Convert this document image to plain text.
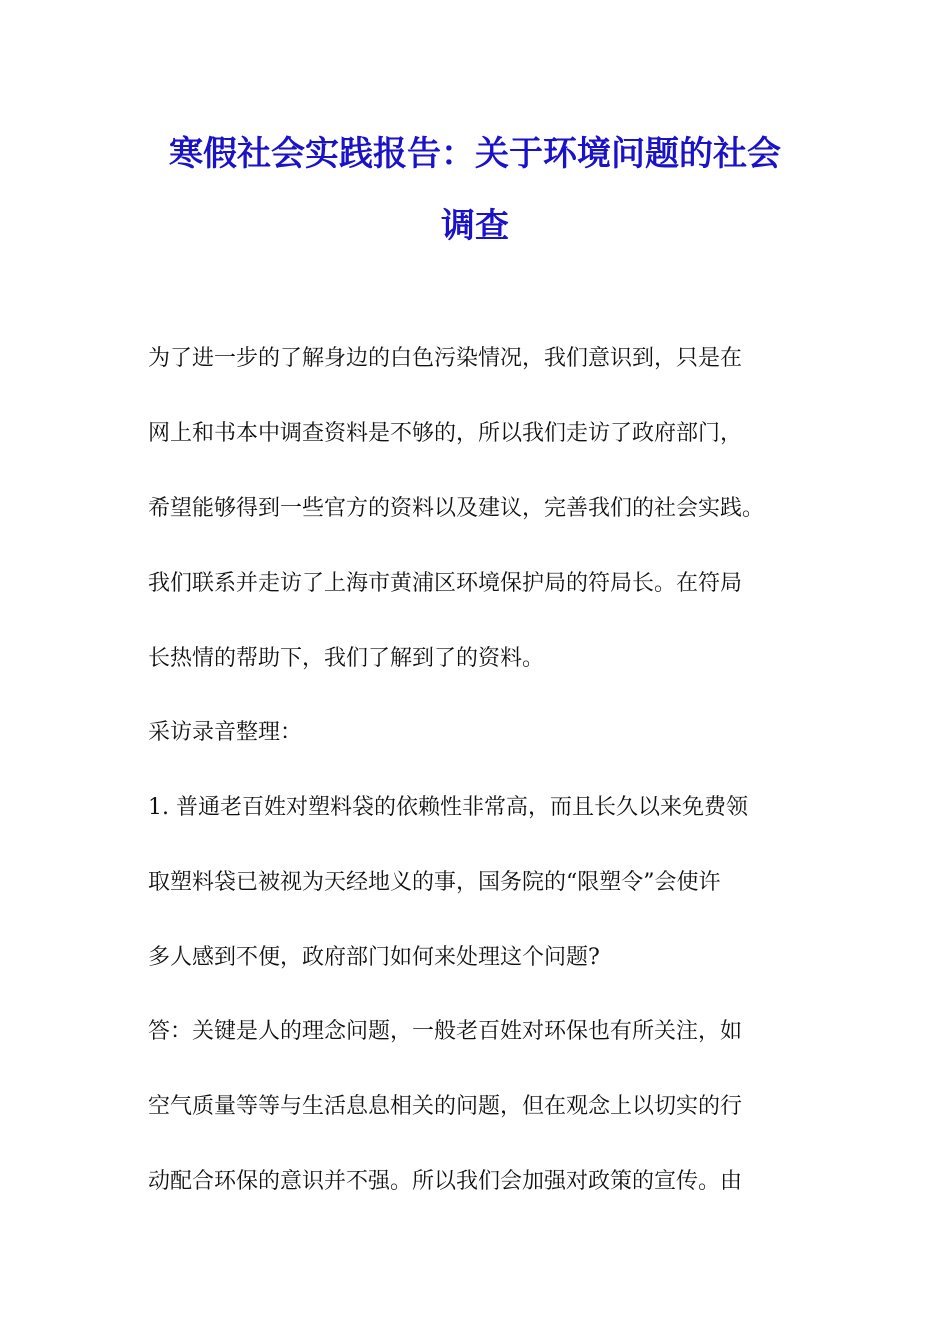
寒假社会实践报告：关于环境问题的社会
调查

为了进一步的了解身边的白色污染情况，我们意识到，只是在

网上和书本中调查资料是不够的，所以我们走访了政府部门，

希望能够得到一些官方的资料以及建议，完善我们的社会实践。

我们联系并走访了上海市黄浦区环境保护局的符局长。在符局

长热情的帮助下，我们了解到了的资料。

采访录音整理：

1. 普通老百姓对塑料袋的依赖性非常高，而且长久以来免费领

取塑料袋已被视为天经地义的事，国务院的“限塑令”会使许

多人感到不便，政府部门如何来处理这个问题?

答：关键是人的理念问题，一般老百姓对环保也有所关注，如

空气质量等等与生活息息相关的问题，但在观念上以切实的行

动配合环保的意识并不强。所以我们会加强对政策的宣传。由
